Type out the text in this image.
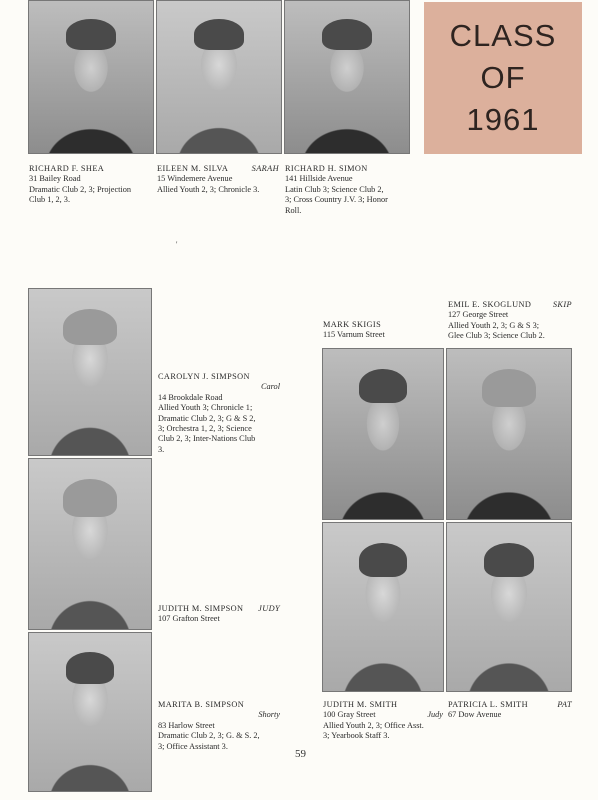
CLASS
OF
1961
RICHARD F. SHEA
31 Bailey Road
Dramatic Club 2, 3; Projection
Club 1, 2, 3.
EILEEN M. SILVA	SARAH
15 Windemere Avenue
Allied Youth 2, 3; Chronicle 3.
RICHARD H. SIMON
141 Hillside Avenue
Latin Club 3; Science Club 2,
3; Cross Country J.V. 3; Honor
Roll.
'
CAROLYN J. SIMPSON
Carol
14 Brookdale Road
Allied Youth 3; Chronicle 1;
Dramatic Club 2, 3; G & S 2,
3; Orchestra 1, 2, 3; Science
Club 2, 3; Inter-Nations Club
3.
JUDITH M. SIMPSON JUDY
107 Grafton Street
MARITA B. SIMPSON
Shorty
83 Harlow Street
Dramatic Club 2, 3; G. & S. 2,
3; Office Assistant 3.
EMIL E. SKOGLUND	SKIP
127 George Street
Allied Youth 2, 3; G & S 3;
Glee Club 3; Science Club 2.
MARK SKIGIS
115 Varnum Street
JUDITH M. SMITH
100 Gray Street	Judy
Allied Youth 2, 3; Office Asst.
3; Yearbook Staff 3.
PATRICIA L. SMITH	PAT
67 Dow Avenue
59
